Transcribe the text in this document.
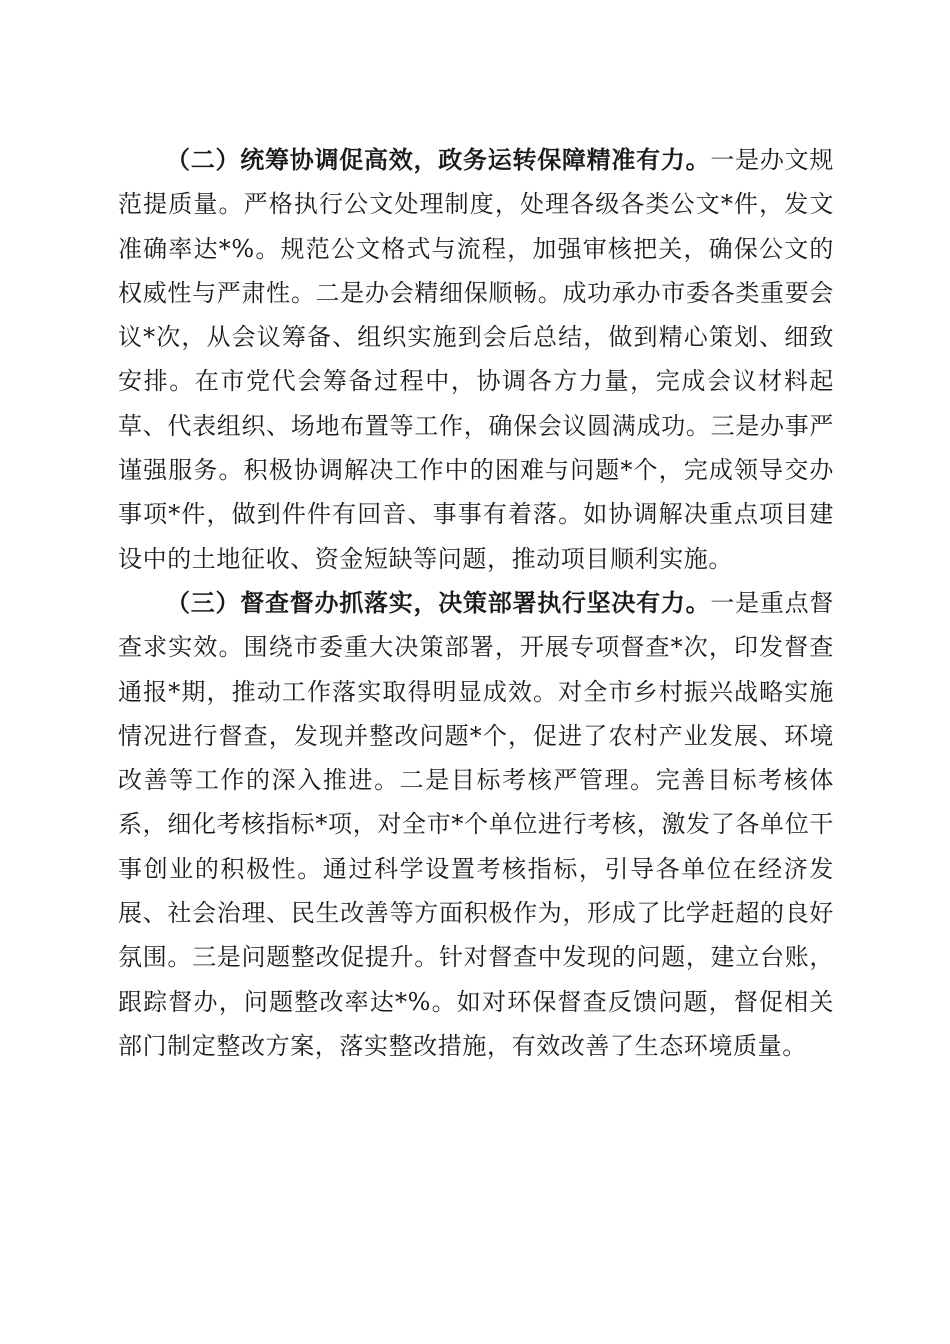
（二）统筹协调促高效，政务运转保障精准有力。一是办文规范提质量。严格执行公文处理制度，处理各级各类公文*件，发文准确率达*%。规范公文格式与流程，加强审核把关，确保公文的权威性与严肃性。二是办会精细保顺畅。成功承办市委各类重要会议*次，从会议筹备、组织实施到会后总结，做到精心策划、细致安排。在市党代会筹备过程中，协调各方力量，完成会议材料起草、代表组织、场地布置等工作，确保会议圆满成功。三是办事严谨强服务。积极协调解决工作中的困难与问题*个，完成领导交办事项*件，做到件件有回音、事事有着落。如协调解决重点项目建设中的土地征收、资金短缺等问题，推动项目顺利实施。

（三）督查督办抓落实，决策部署执行坚决有力。一是重点督查求实效。围绕市委重大决策部署，开展专项督查*次，印发督查通报*期，推动工作落实取得明显成效。对全市乡村振兴战略实施情况进行督查，发现并整改问题*个，促进了农村产业发展、环境改善等工作的深入推进。二是目标考核严管理。完善目标考核体系，细化考核指标*项，对全市*个单位进行考核，激发了各单位干事创业的积极性。通过科学设置考核指标，引导各单位在经济发展、社会治理、民生改善等方面积极作为，形成了比学赶超的良好氛围。三是问题整改促提升。针对督查中发现的问题，建立台账，跟踪督办，问题整改率达*%。如对环保督查反馈问题，督促相关部门制定整改方案，落实整改措施，有效改善了生态环境质量。
